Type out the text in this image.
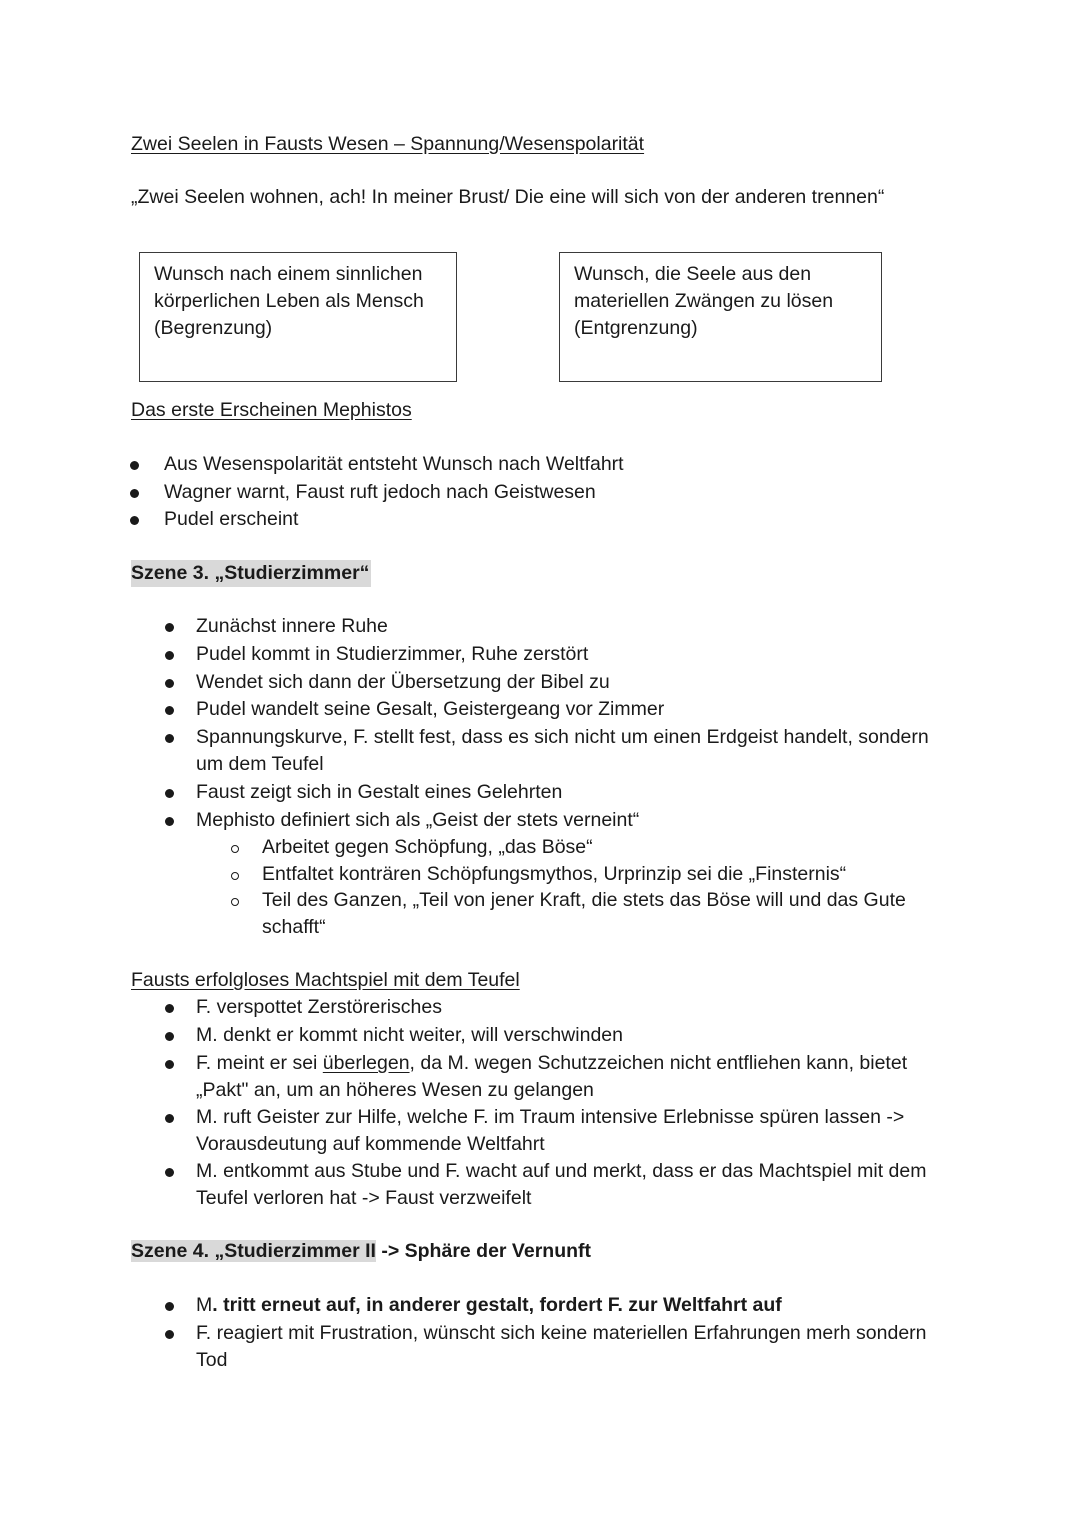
Zwei Seelen in Fausts Wesen – Spannung/Wesenspolarität
„Zwei Seelen wohnen, ach! In meiner Brust/ Die eine will sich von der anderen trennen“
Wunsch nach einem sinnlichen
körperlichen Leben als Mensch
(Begrenzung)
Wunsch, die Seele aus den
materiellen Zwängen zu lösen
(Entgrenzung)
Das erste Erscheinen Mephistos
Aus Wesenspolarität entsteht Wunsch nach Weltfahrt
Wagner warnt, Faust ruft jedoch nach Geistwesen
Pudel erscheint
Szene 3. „Studierzimmer“
Zunächst innere Ruhe
Pudel kommt in Studierzimmer, Ruhe zerstört
Wendet sich dann der Übersetzung der Bibel zu
Pudel wandelt seine Gesalt, Geistergeang vor Zimmer
Spannungskurve, F. stellt fest, dass es sich nicht um einen Erdgeist handelt, sondern
um dem Teufel
Faust zeigt sich in Gestalt eines Gelehrten
Mephisto definiert sich als „Geist der stets verneint“
Arbeitet gegen Schöpfung, „das Böse“
Entfaltet konträren Schöpfungsmythos, Urprinzip sei die „Finsternis“
Teil des Ganzen, „Teil von jener Kraft, die stets das Böse will und das Gute
schafft“
Fausts erfolgloses Machtspiel mit dem Teufel
F. verspottet Zerstörerisches
M. denkt er kommt nicht weiter, will verschwinden
F. meint er sei überlegen, da M. wegen Schutzzeichen nicht entfliehen kann, bietet
„Pakt" an, um an höheres Wesen zu gelangen
M. ruft Geister zur Hilfe, welche F. im Traum intensive Erlebnisse spüren lassen ->
Vorausdeutung auf kommende Weltfahrt
M. entkommt aus Stube und F. wacht auf und merkt, dass er das Machtspiel mit dem
Teufel verloren hat -> Faust verzweifelt
Szene 4. „Studierzimmer II -> Sphäre der Vernunft
M. tritt erneut auf, in anderer gestalt, fordert F. zur Weltfahrt auf
F. reagiert mit Frustration, wünscht sich keine materiellen Erfahrungen merh sondern
Tod
